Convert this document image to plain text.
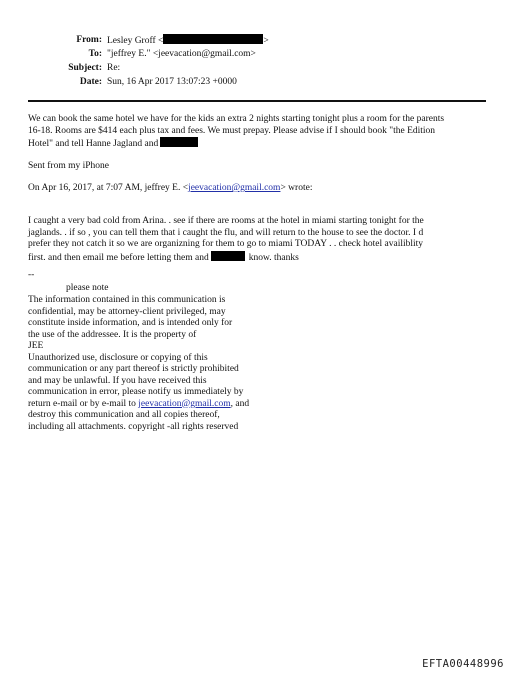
From: Lesley Groff <	>
To: "jeffrey E." <jeevacation@gmail.com>
Subject: Re:
Date: Sun, 16 Apr 2017 13:07:23 +0000
We can book the same hotel we have for the kids an extra 2 nights starting tonight plus a room for the parents
16-18. Rooms are $414 each plus tax and fees. We must prepay. Please advise if I should book "the Edition
Hotel" and tell Hanne Jagland and
Sent from my iPhone
On Apr 16, 2017, at 7:07 AM, jeffrey E. <jeevacation@gmail.com> wrote:
I caught a very bad cold from Arina. . see if there are rooms at the hotel in miami starting tonight for the
jaglands. . if so , you can tell them that i caught the flu, and will return to the house to see the doctor. I d
prefer they not catch it so we are organizning for them to go to miami TODAY . . check hotel availiblity
first. and then email me before letting them and	know. thanks
--
please note
The information contained in this communication is
confidential, may be attorney-client privileged, may
constitute inside information, and is intended only for
the use of the addressee. It is the property of
JEE
Unauthorized use, disclosure or copying of this
communication or any part thereof is strictly prohibited
and may be unlawful. If you have received this
communication in error, please notify us immediately by
return e-mail or by e-mail to jeevacation@gmail.com, and
destroy this communication and all copies thereof,
including all attachments. copyright -all rights reserved
EFTA00448996
